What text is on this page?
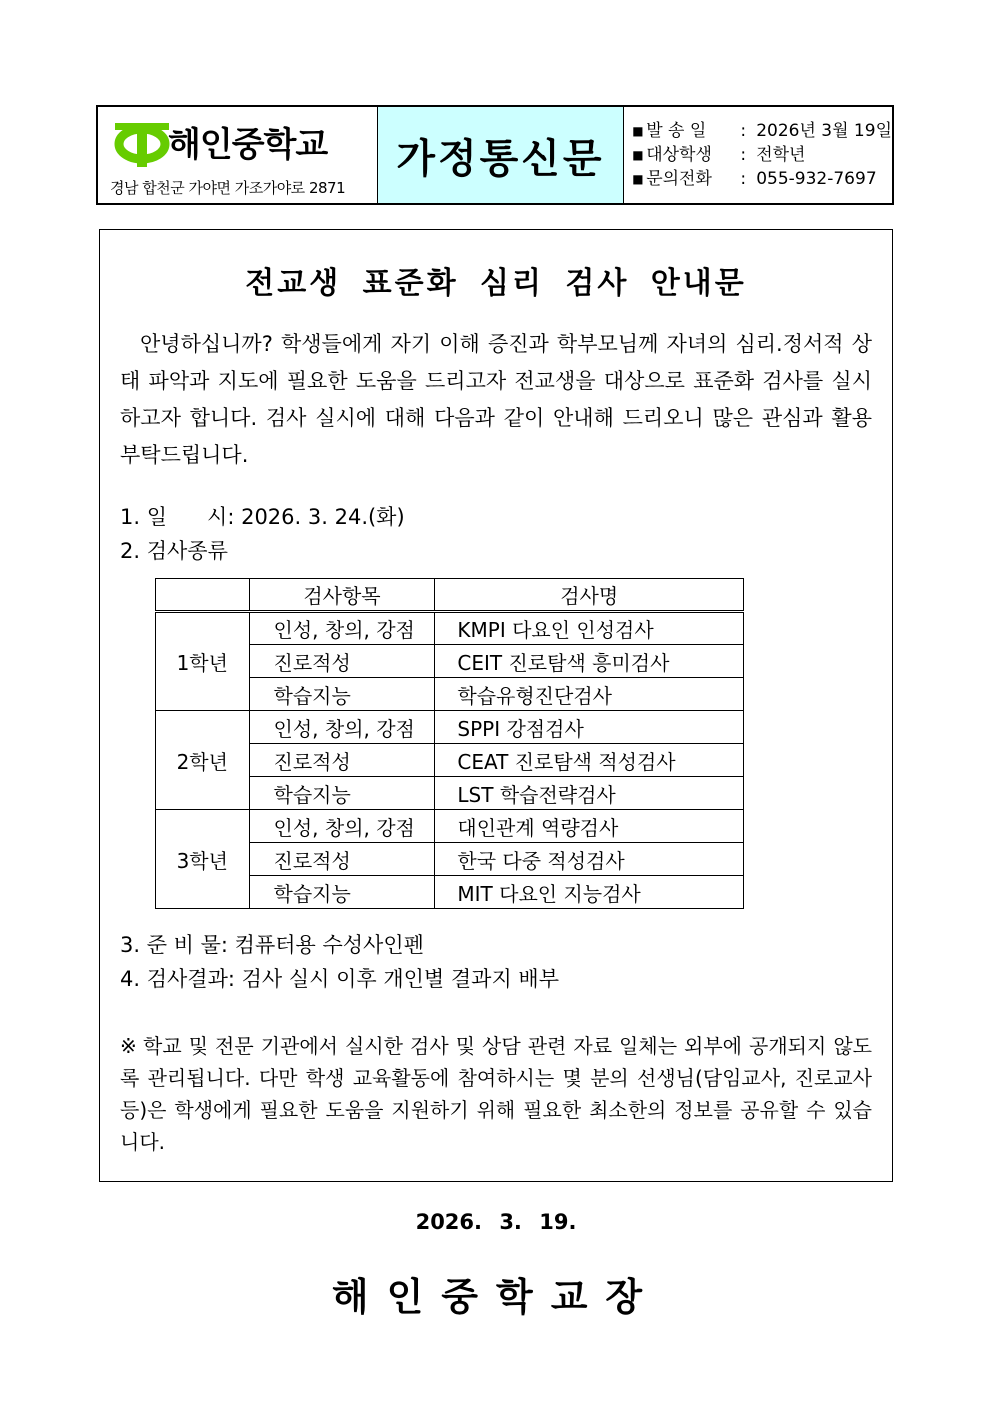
해인중학교
경남 합천군 가야면 가조가야로 2871
가정통신문
■ 발 송 일	: 2026년 3월 19일
■ 대상학생	: 전학년
■ 문의전화	: 055-932-7697
전교생 표준화 심리 검사 안내문
안녕하십니까? 학생들에게 자기 이해 증진과 학부모님께 자녀의 심리.정서적 상태 파악과 지도에 필요한 도움을 드리고자 전교생을 대상으로 표준화 검사를 실시하고자 합니다. 검사 실시에 대해 다음과 같이 안내해 드리오니 많은 관심과 활용 부탁드립니다.
1. 일      시: 2026. 3. 24.(화)
2. 검사종류
	검사항목	검사명
1학년	인성, 창의, 강점	KMPI 다요인 인성검사
	진로적성	CEIT 진로탐색 흥미검사
	학습지능	학습유형진단검사
2학년	인성, 창의, 강점	SPPI 강점검사
	진로적성	CEAT 진로탐색 적성검사
	학습지능	LST 학습전략검사
3학년	인성, 창의, 강점	대인관계 역량검사
	진로적성	한국 다중 적성검사
	학습지능	MIT 다요인 지능검사
3. 준 비 물: 컴퓨터용 수성사인펜
4. 검사결과: 검사 실시 이후 개인별 결과지 배부
※ 학교 및 전문 기관에서 실시한 검사 및 상담 관련 자료 일체는 외부에 공개되지 않도록 관리됩니다. 다만 학생 교육활동에 참여하시는 몇 분의 선생님(담임교사, 진로교사 등)은 학생에게 필요한 도움을 지원하기 위해 필요한 최소한의 정보를 공유할 수 있습니다.
2026. 3. 19.
해인중학교장
